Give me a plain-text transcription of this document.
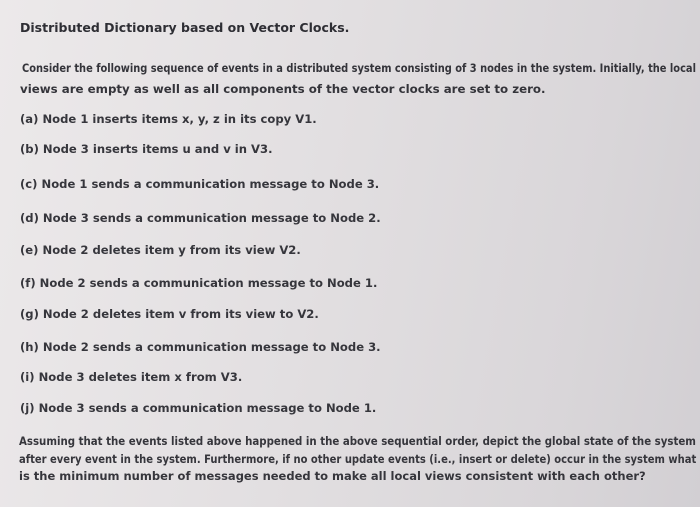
Distributed Dictionary based on Vector Clocks.
Consider the following sequence of events in a distributed system consisting of 3 nodes in the system. Initially, the local
views are empty as well as all components of the vector clocks are set to zero.
(a) Node 1 inserts items x, y, z in its copy V1.
(b) Node 3 inserts items u and v in V3.
(c) Node 1 sends a communication message to Node 3.
(d) Node 3 sends a communication message to Node 2.
(e) Node 2 deletes item y from its view V2.
(f) Node 2 sends a communication message to Node 1.
(g) Node 2 deletes item v from its view to V2.
(h) Node 2 sends a communication message to Node 3.
(i) Node 3 deletes item x from V3.
(j) Node 3 sends a communication message to Node 1.
Assuming that the events listed above happened in the above sequential order, depict the global state of the system
after every event in the system. Furthermore, if no other update events (i.e., insert or delete) occur in the system what
is the minimum number of messages needed to make all local views consistent with each other?
